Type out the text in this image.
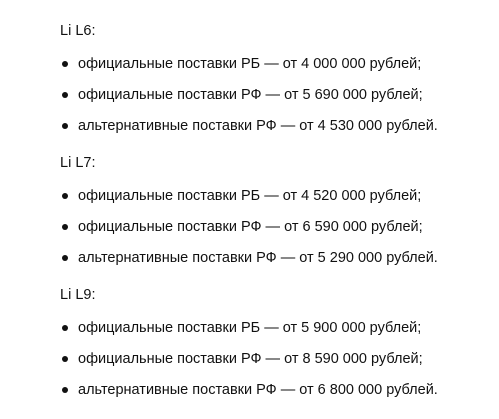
Li L6:

официальные поставки РБ — от 4 000 000 рублей;
официальные поставки РФ — от 5 690 000 рублей;
альтернативные поставки РФ — от 4 530 000 рублей.

Li L7:

официальные поставки РБ — от 4 520 000 рублей;
официальные поставки РФ — от 6 590 000 рублей;
альтернативные поставки РФ — от 5 290 000 рублей.

Li L9:

официальные поставки РБ — от 5 900 000 рублей;
официальные поставки РФ — от 8 590 000 рублей;
альтернативные поставки РФ — от 6 800 000 рублей.
